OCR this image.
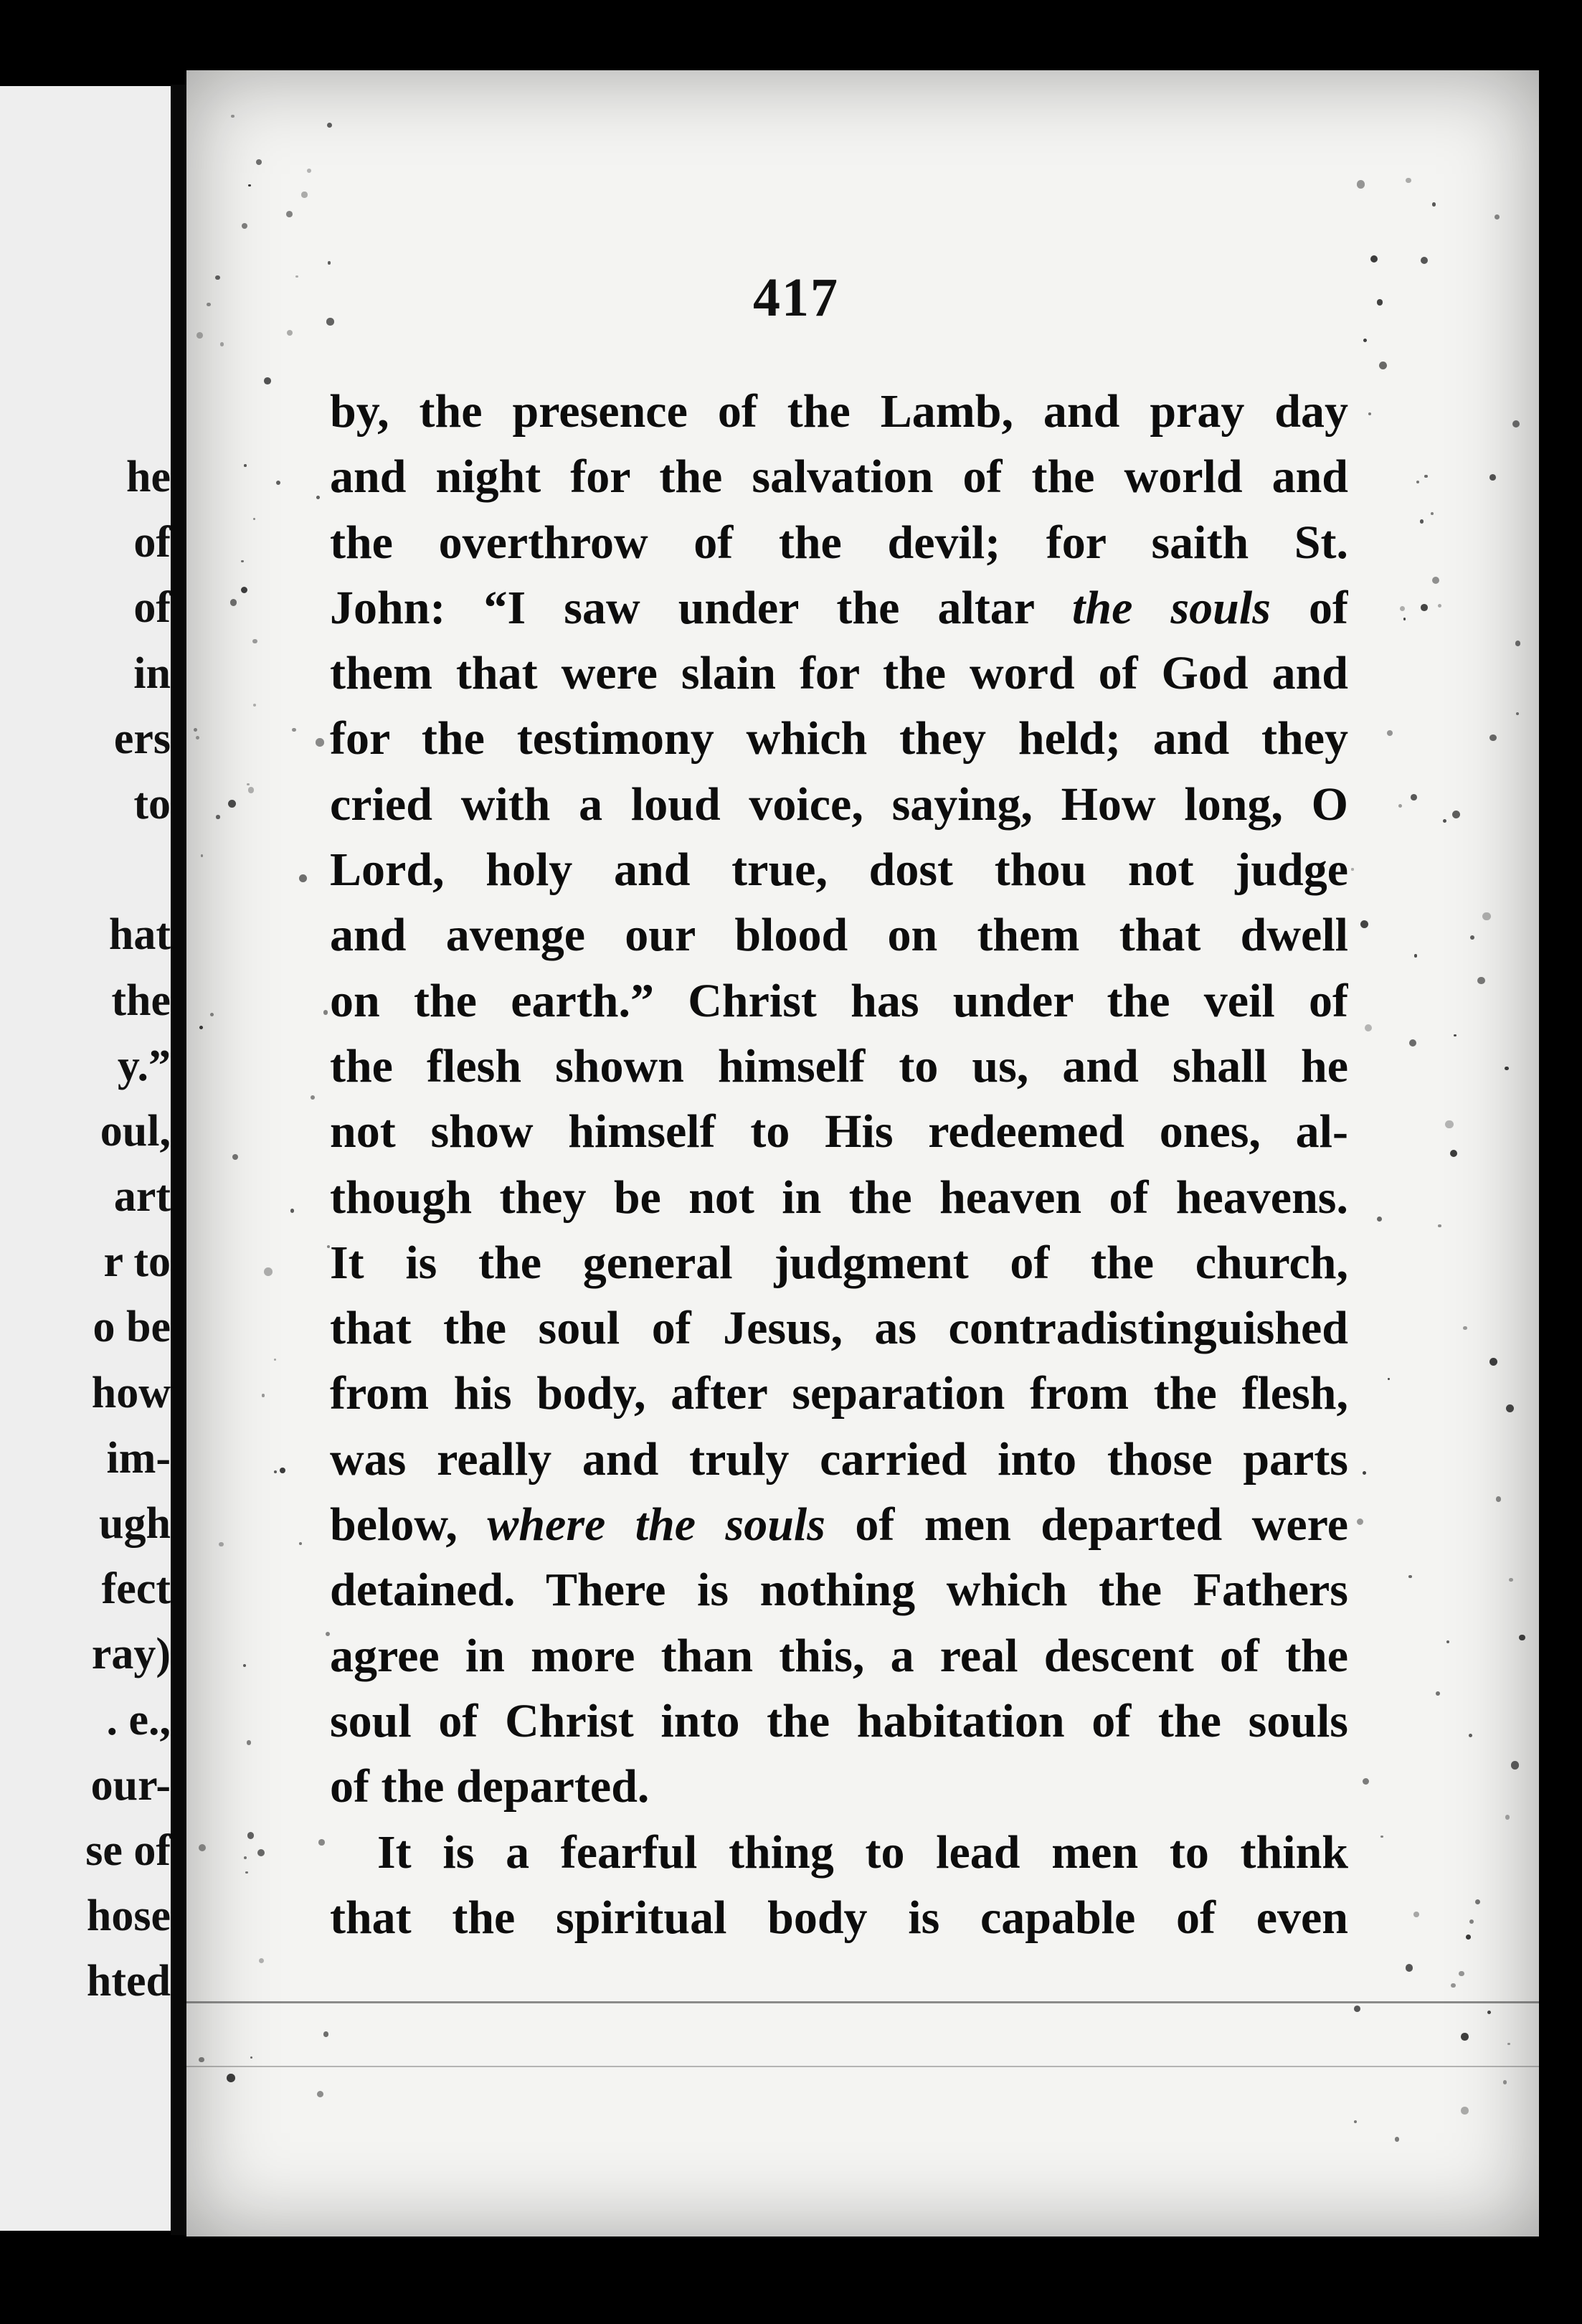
he
of
of
in
ers
to
hat
the
y.”
oul,
art
r to
o be
how
im-
ugh
fect
ray)
. e.,
our-
se of
hose
hted
417
by, the presence of the Lamb, and pray day
and night for the salvation of the world and
the overthrow of the devil; for saith St.
John: “I saw under the altar the souls of
them that were slain for the word of God and
for the testimony which they held; and they
cried with a loud voice, saying, How long, O
Lord, holy and true, dost thou not judge
and avenge our blood on them that dwell
on the earth.” Christ has under the veil of
the flesh shown himself to us, and shall he
not show himself to His redeemed ones, al-
though they be not in the heaven of heavens.
It is the general judgment of the church,
that the soul of Jesus, as contradistinguished
from his body, after separation from the flesh,
was really and truly carried into those parts
below, where the souls of men departed were
detained. There is nothing which the Fathers
agree in more than this, a real descent of the
soul of Christ into the habitation of the souls
of the departed.
It is a fearful thing to lead men to think
that the spiritual body is capable of even
